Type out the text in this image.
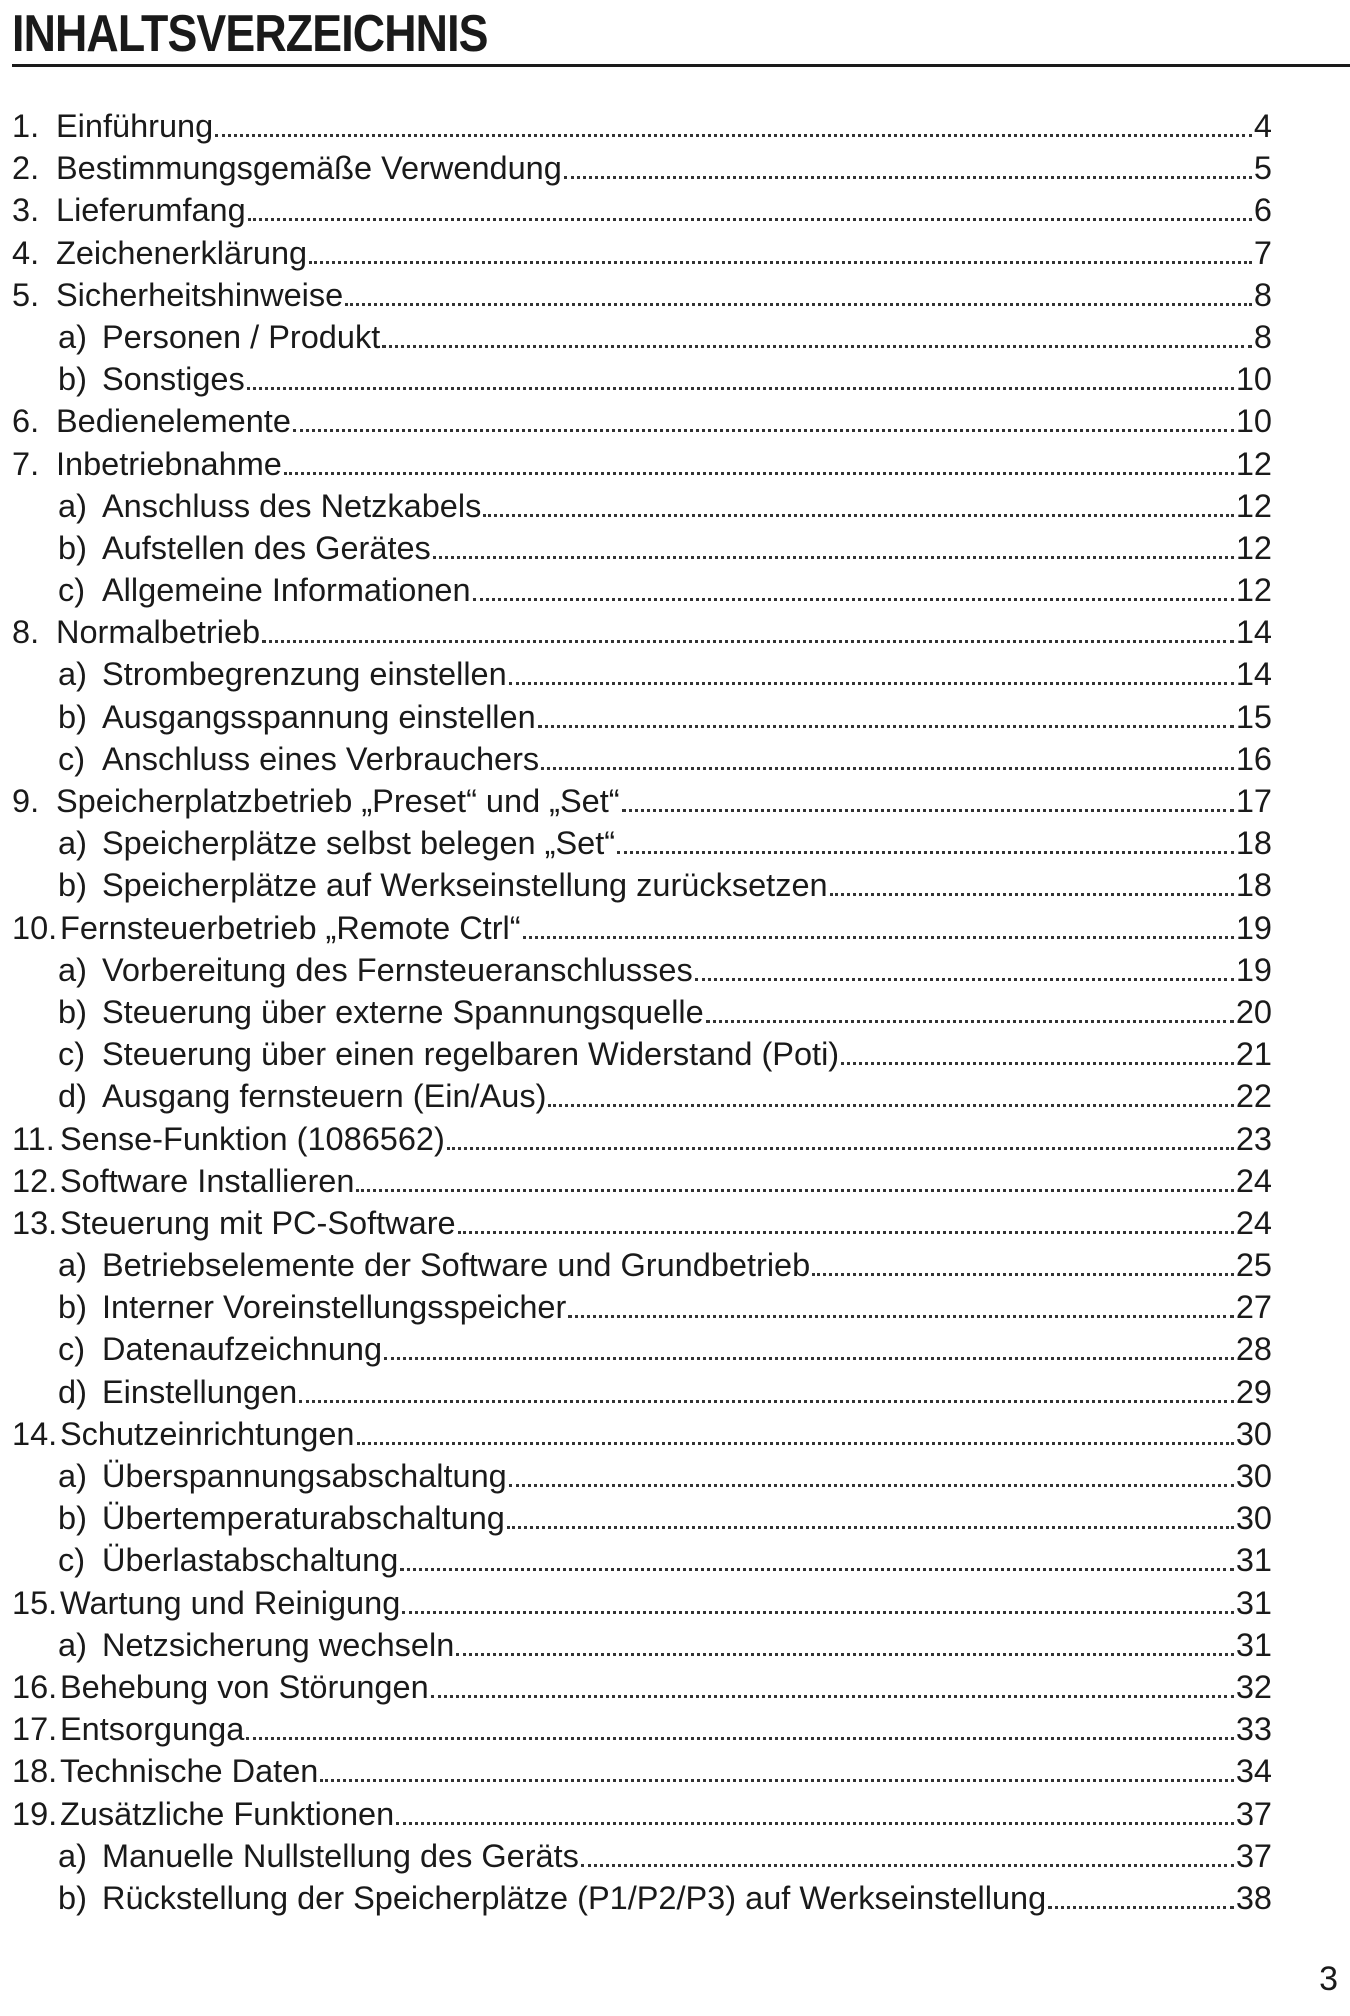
INHALTSVERZEICHNIS
1. Einführung	4
2. Bestimmungsgemäße Verwendung	5
3. Lieferumfang	6
4. Zeichenerklärung	7
5. Sicherheitshinweise	8
a) Personen / Produkt	8
b) Sonstiges	10
6. Bedienelemente	10
7. Inbetriebnahme	12
a) Anschluss des Netzkabels	12
b) Aufstellen des Gerätes	12
c) Allgemeine Informationen	12
8. Normalbetrieb	14
a) Strombegrenzung einstellen	14
b) Ausgangsspannung einstellen	15
c) Anschluss eines Verbrauchers	16
9. Speicherplatzbetrieb „Preset“ und „Set“	17
a) Speicherplätze selbst belegen „Set“	18
b) Speicherplätze auf Werkseinstellung zurücksetzen	18
10. Fernsteuerbetrieb „Remote Ctrl“	19
a) Vorbereitung des Fernsteueranschlusses	19
b) Steuerung über externe Spannungsquelle	20
c) Steuerung über einen regelbaren Widerstand (Poti)	21
d) Ausgang fernsteuern (Ein/Aus)	22
11. Sense-Funktion (1086562)	23
12. Software Installieren	24
13. Steuerung mit PC-Software	24
a) Betriebselemente der Software und Grundbetrieb	25
b) Interner Voreinstellungsspeicher	27
c) Datenaufzeichnung	28
d) Einstellungen	29
14. Schutzeinrichtungen	30
a) Überspannungsabschaltung	30
b) Übertemperaturabschaltung	30
c) Überlastabschaltung	31
15. Wartung und Reinigung	31
a) Netzsicherung wechseln	31
16. Behebung von Störungen	32
17. Entsorgunga	33
18. Technische Daten	34
19. Zusätzliche Funktionen	37
a) Manuelle Nullstellung des Geräts	37
b) Rückstellung der Speicherplätze (P1/P2/P3) auf Werkseinstellung	38
3
